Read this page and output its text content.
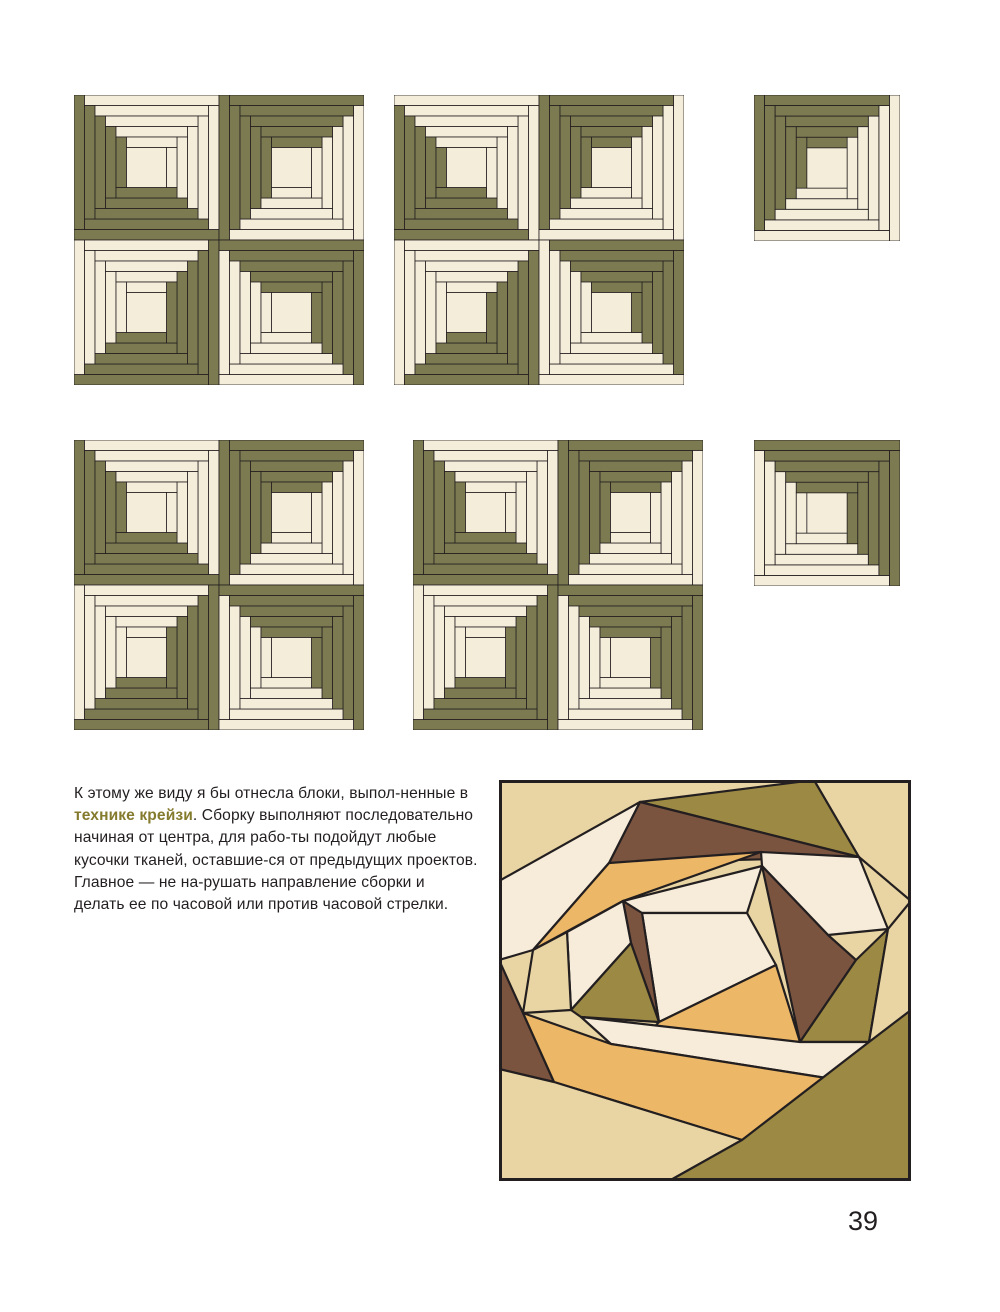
К этому же виду я бы отнесла блоки, выпол-ненные в технике крейзи. Сборку выполняют последовательно начиная от центра, для рабо-ты подойдут любые кусочки тканей, оставшие-ся от предыдущих проектов. Главное — не на-рушать направление сборки и делать ее по часовой или против часовой стрелки.

39
